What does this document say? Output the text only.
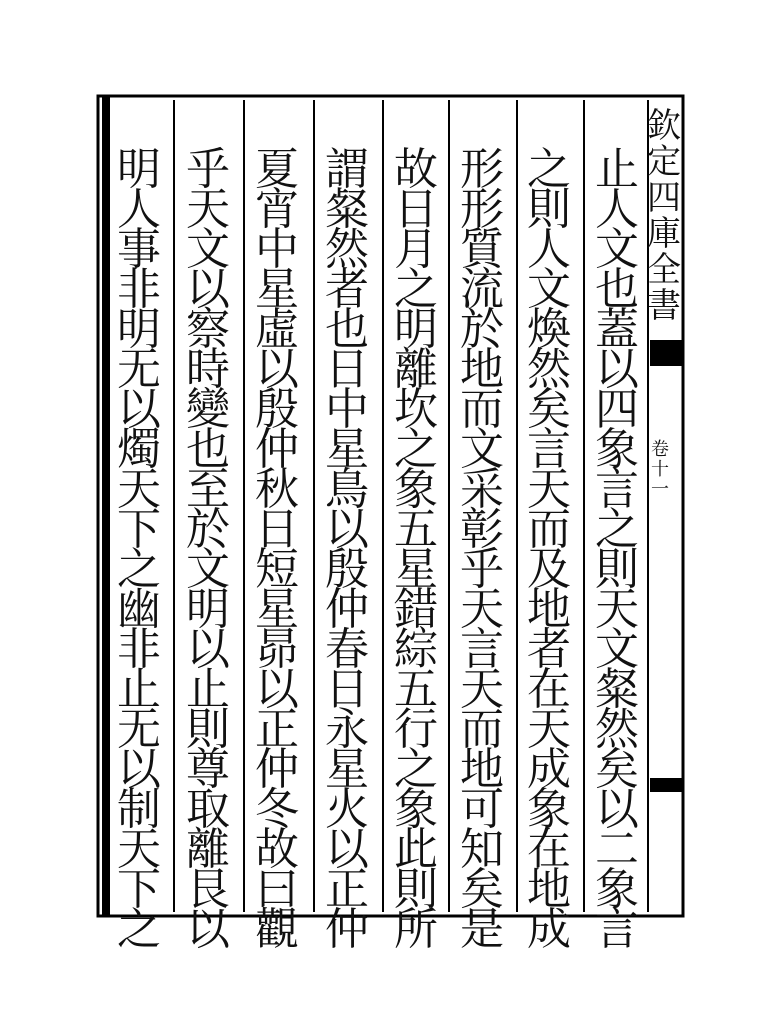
欽
定
四
庫
全
書
卷
十
一
止
人
文
也
蓋
以
四
象
言
之
則
天
文
粲
然
矣
以
二
象
言
之
則
人
文
煥
然
矣
言
天
而
及
地
者
在
天
成
象
在
地
成
形
形
質
流
於
地
而
文
采
彰
乎
天
言
天
而
地
可
知
矣
是
故
日
月
之
明
離
坎
之
象
五
星
錯
綜
五
行
之
象
此
則
所
謂
粲
然
者
也
日
中
星
鳥
以
殷
仲
春
日
永
星
火
以
正
仲
夏
宵
中
星
虛
以
殷
仲
秋
日
短
星
昴
以
正
仲
冬
故
曰
觀
乎
天
文
以
察
時
變
也
至
於
文
明
以
止
則
尊
取
離
艮
以
明
人
事
非
明
无
以
燭
天
下
之
幽
非
止
无
以
制
天
下
之
